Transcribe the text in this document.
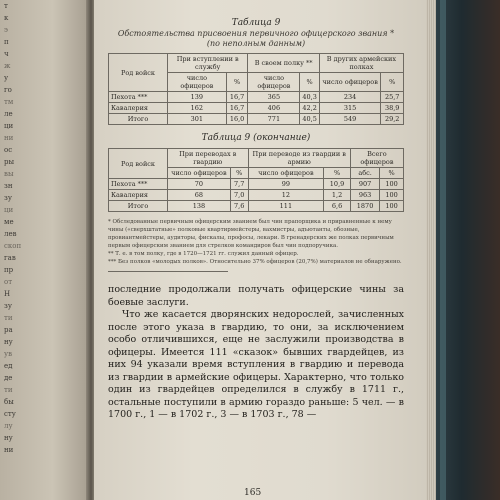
т
к
э
п
ч
ж
у
го
тм
ле
ци
ни
ос
ры
вы
зн
зу
ци
ме
лев
скоп
гав
пр
от
Н
зу
ти
ра
ну
ув
ед
де
ти
бы
сту
лу
ну
ни
Таблица 9
Обстоятельства присвоения первичного офицерского звания *
(по неполным данным)
Род войск	При вступлении в службу		В своем полку **		В других армейских полках	
	число офицеров	%	число офицеров	%	число офицеров	%
Пехота ***	139	16,7	365	40,3	234	25,7
Кавалерия	162	16,7	406	42,2	315	38,9
Итого	301	16,0	771	40,5	549	29,2
Таблица 9 (окончание)
Род войск	При переводах в гвардию		При переводе из гвардии в армию		Всего офицеров	
	число офицеров	%	число офицеров	%	абс.	%
Пехота ***	70	7,7	99	10,9	907	100
Кавалерия	68	7,0	12	1,2	963	100
Итого	138	7,6	111	6,6	1870	100

* Обследованные первичным офицерским званием был чин прапорщика и приравненные к нему чины («сверхштатные» полковые квартирмейстеры, вахмистры, адъютанты, обозные, провиантмейстеры, аудиторы, фискалы, профосы, лекари. В гренадерских же полках первичным первым офицерским званием для стрелков командиров был чин подпоручика.

** Т. е. в том полку, где в 1720—1721 гг. служил данный офицер.

*** Без полков «молодых полков». Относительно 37% офицеров (20,7%) материалов не обнаружено.

последние продолжали получать офицерские чины за боевые заслуги.

Что же касается дворянских недорослей, зачисленных после этого указа в гвардию, то они, за исключением особо отличившихся, еще не заслужили производства в офицеры. Имеется 111 «сказок» бывших гвардейцев, из них 94 указали время вступления в гвардию и перевода из гвардии в армейские офицеры. Характерно, что только один из гвардейцев определился в службу в 1711 г., остальные поступили в армию гораздо раньше: 5 чел. — в 1700 г., 1 — в 1702 г., 3 — в 1703 г., 78 —

165
